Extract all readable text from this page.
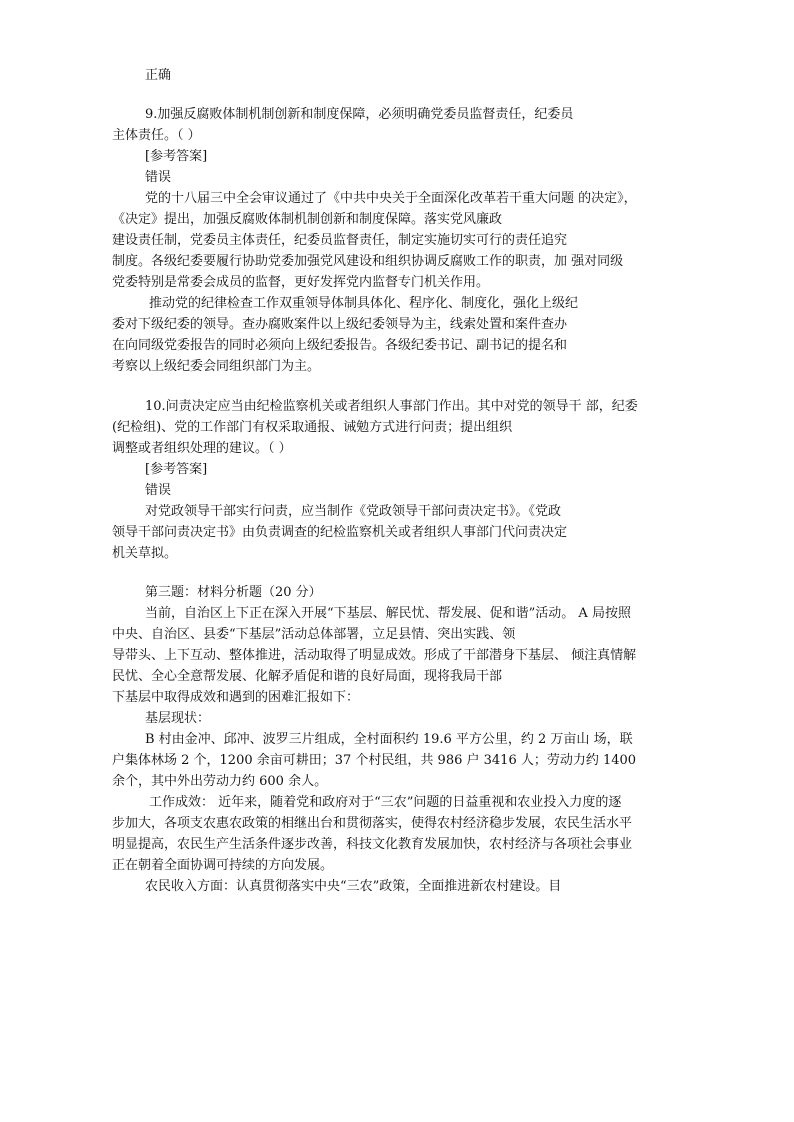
正确
9.加强反腐败体制机制创新和制度保障，必须明确党委员监督责任，纪委员
主体责任。（ ）
[参考答案]
错误
党的十八届三中全会审议通过了《中共中央关于全面深化改革若干重大问题 的决定》，
《决定》提出，加强反腐败体制机制创新和制度保障。落实党风廉政
建设责任制，党委员主体责任，纪委员监督责任，制定实施切实可行的责任追究
制度。各级纪委要履行协助党委加强党风建设和组织协调反腐败工作的职责，加 强对同级
党委特别是常委会成员的监督，更好发挥党内监督专门机关作用。
推动党的纪律检查工作双重领导体制具体化、程序化、制度化，强化上级纪
委对下级纪委的领导。查办腐败案件以上级纪委领导为主，线索处置和案件查办
在向同级党委报告的同时必须向上级纪委报告。各级纪委书记、副书记的提名和
考察以上级纪委会同组织部门为主。
10.问责决定应当由纪检监察机关或者组织人事部门作出。其中对党的领导干 部，纪委
(纪检组)、党的工作部门有权采取通报、诫勉方式进行问责；提出组织
调整或者组织处理的建议。（ ）
[参考答案]
错误
对党政领导干部实行问责，应当制作《党政领导干部问责决定书》。《党政
领导干部问责决定书》由负责调查的纪检监察机关或者组织人事部门代问责决定
机关草拟。
第三题：材料分析题（20 分）
当前，自治区上下正在深入开展“下基层、解民忧、帮发展、促和谐”活动。 A 局按照
中央、自治区、县委“下基层”活动总体部署，立足县情、突出实践、领
导带头、上下互动、整体推进，活动取得了明显成效。形成了干部潜身下基层、 倾注真情解
民忧、全心全意帮发展、化解矛盾促和谐的良好局面，现将我局干部
下基层中取得成效和遇到的困难汇报如下：
基层现状：
B 村由金冲、邱冲、波罗三片组成，全村面积约 19.6 平方公里，约 2 万亩山 场，联
户集体林场 2 个，1200 余亩可耕田；37 个村民组，共 986 户 3416 人；劳动力约 1400
余个，其中外出劳动力约 600 余人。
工作成效： 近年来，随着党和政府对于“三农”问题的日益重视和农业投入力度的逐
步加大，各项支农惠农政策的相继出台和贯彻落实，使得农村经济稳步发展，农民生活水平
明显提高，农民生产生活条件逐步改善，科技文化教育发展加快，农村经济与各项社会事业
正在朝着全面协调可持续的方向发展。
农民收入方面：认真贯彻落实中央“三农”政策，全面推进新农村建设。目
